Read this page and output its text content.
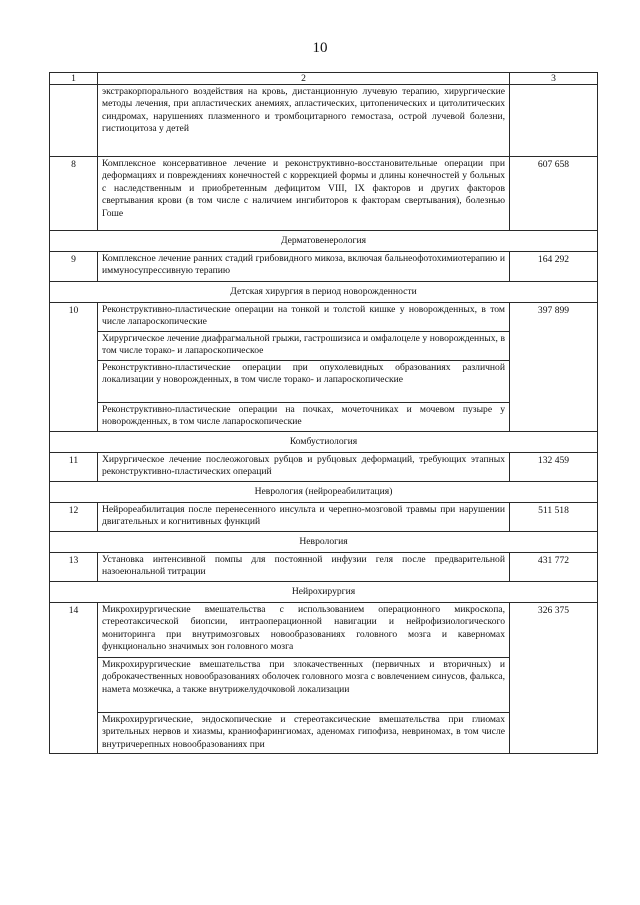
10
1	2	3
	экстракорпорального воздействия на кровь, дистанционную лучевую терапию, хирургические методы лечения, при апластических анемиях, апластических, цитопенических и цитолитических синдромах, нарушениях плазменного и тромбоцитарного гемостаза, острой лучевой болезни, гистиоцитоза у детей	
8	Комплексное консервативное лечение и реконструктивно-восстановительные операции при деформациях и повреждениях конечностей с коррекцией формы и длины конечностей у больных с наследственным и приобретенным дефицитом VIII, IX факторов и других факторов свертывания крови (в том числе с наличием ингибиторов к факторам свертывания), болезнью Гоше	607 658
Дерматовенерология		
9	Комплексное лечение ранних стадий грибовидного микоза, включая бальнеофотохимиотерапию и иммуносупрессивную терапию	164 292
Детская хирургия в период новорожденности		
10	Реконструктивно-пластические операции на тонкой и толстой кишке у новорожденных, в том числе лапароскопические	397 899
	Хирургическое лечение диафрагмальной грыжи, гастрошизиса и омфалоцеле у новорожденных, в том числе торако- и лапароскопическое	
	Реконструктивно-пластические операции при опухолевидных образованиях различной локализации у новорожденных, в том числе торако- и лапароскопические	
	Реконструктивно-пластические операции на почках, мочеточниках и мочевом пузыре у новорожденных, в том числе лапароскопические	
Комбустиология		
11	Хирургическое лечение послеожоговых рубцов и рубцовых деформаций, требующих этапных реконструктивно-пластических операций	132 459
Неврология (нейрореабилитация)		
12	Нейрореабилитация после перенесенного инсульта и черепно-мозговой травмы при нарушении двигательных и когнитивных функций	511 518
Неврология		
13	Установка интенсивной помпы для постоянной инфузии геля после предварительной назоеюнальной титрации	431 772
Нейрохирургия		
14	Микрохирургические вмешательства с использованием операционного микроскопа, стереотаксической биопсии, интраоперационной навигации и нейрофизиологического мониторинга при внутримозговых новообразованиях головного мозга и каверномах функционально значимых зон головного мозга	326 375
	Микрохирургические вмешательства при злокачественных (первичных и вторичных) и доброкачественных новообразованиях оболочек головного мозга с вовлечением синусов, фалькса, намета мозжечка, а также внутрижелудочковой локализации	
	Микрохирургические, эндоскопические и стереотаксические вмешательства при глиомах зрительных нервов и хиазмы, краниофарингиомах, аденомах гипофиза, невриномах, в том числе внутричерепных новообразованиях при	
